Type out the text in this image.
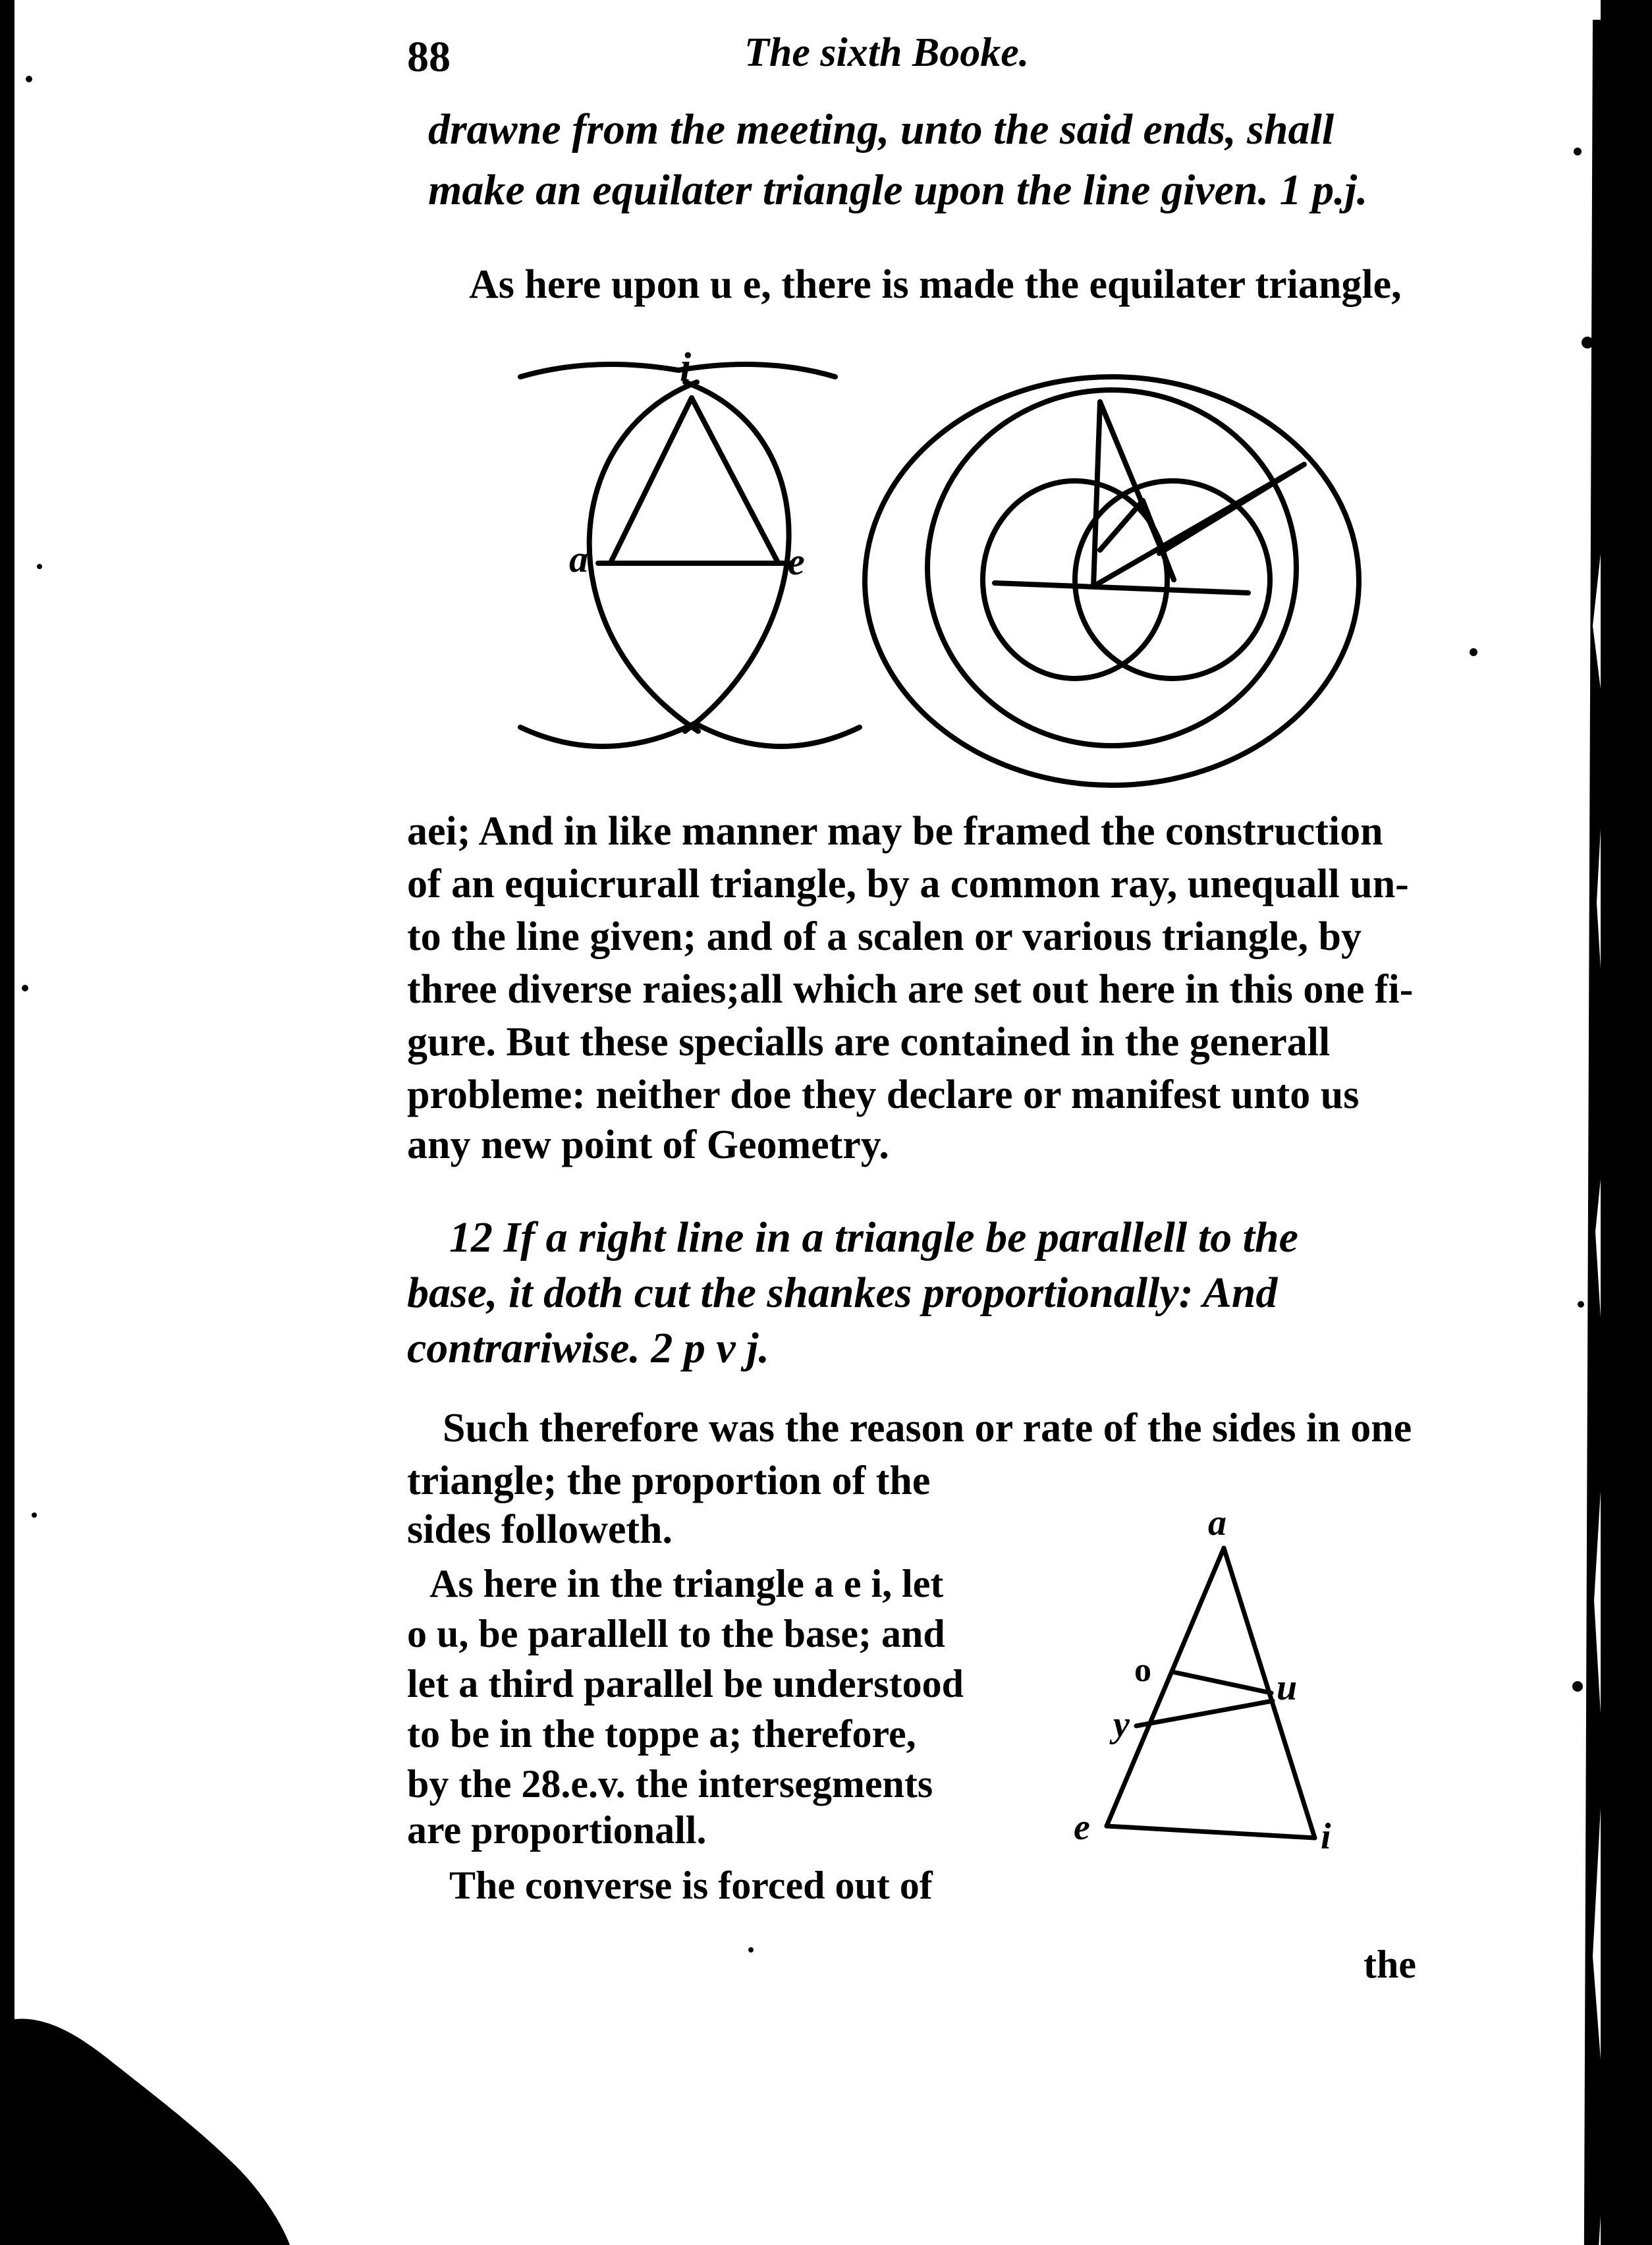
88	The sixth Booke.
drawne from the meeting, unto the said ends, shall
make an equilater triangle upon the line given. 1 p.j.
As here upon u e, there is made the equilater triangle,
i
a	e
aei; And in like manner may be framed the construction
of an equicrurall triangle, by a common ray, unequall un-
to the line given; and of a scalen or various triangle, by
three diverse raies;all which are set out here in this one fi-
gure. But these specialls are contained in the generall
probleme: neither doe they declare or manifest unto us
any new point of Geometry.
12 If a right line in a triangle be parallell to the
base, it doth cut the shankes proportionally: And
contrariwise. 2 p v j.
Such therefore was the reason or rate of the sides in one
triangle; the proportion of the
sides followeth.
As here in the triangle a e i, let
o u, be parallell to the base; and
let a third parallel be understood
to be in the toppe a; therefore,
by the 28.e.v. the intersegments
are proportionall.
The converse is forced out of
the
a
o	u
y
e	i
